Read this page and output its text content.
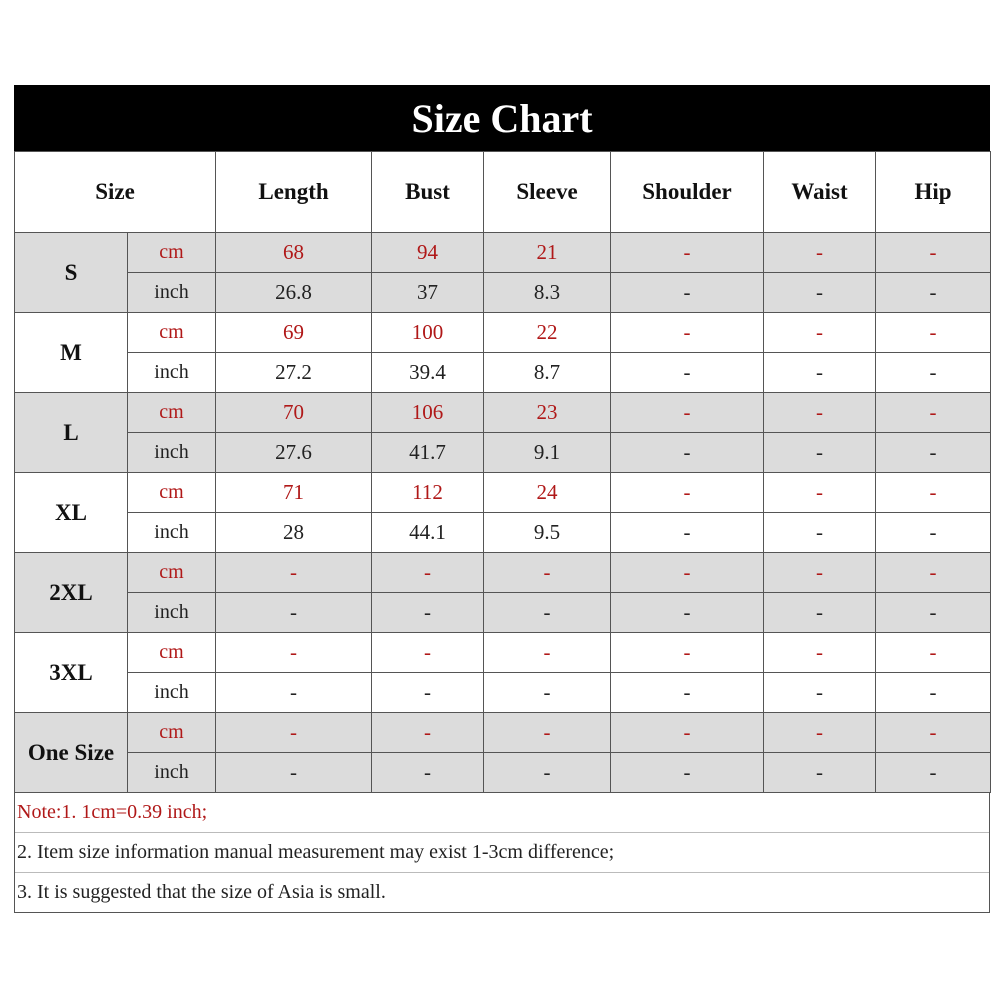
Size Chart
Size		Length	Bust	Sleeve	Shoulder	Waist	Hip
S	cm	68	94	21	-	-	-
	inch	26.8	37	8.3	-	-	-
M	cm	69	100	22	-	-	-
	inch	27.2	39.4	8.7	-	-	-
L	cm	70	106	23	-	-	-
	inch	27.6	41.7	9.1	-	-	-
XL	cm	71	112	24	-	-	-
	inch	28	44.1	9.5	-	-	-
2XL	cm	-	-	-	-	-	-
	inch	-	-	-	-	-	-
3XL	cm	-	-	-	-	-	-
	inch	-	-	-	-	-	-
One Size	cm	-	-	-	-	-	-
	inch	-	-	-	-	-	-
Note:1. 1cm=0.39 inch;
2. Item size information manual measurement may exist 1-3cm difference;
3. It is suggested that the size of Asia is small.
